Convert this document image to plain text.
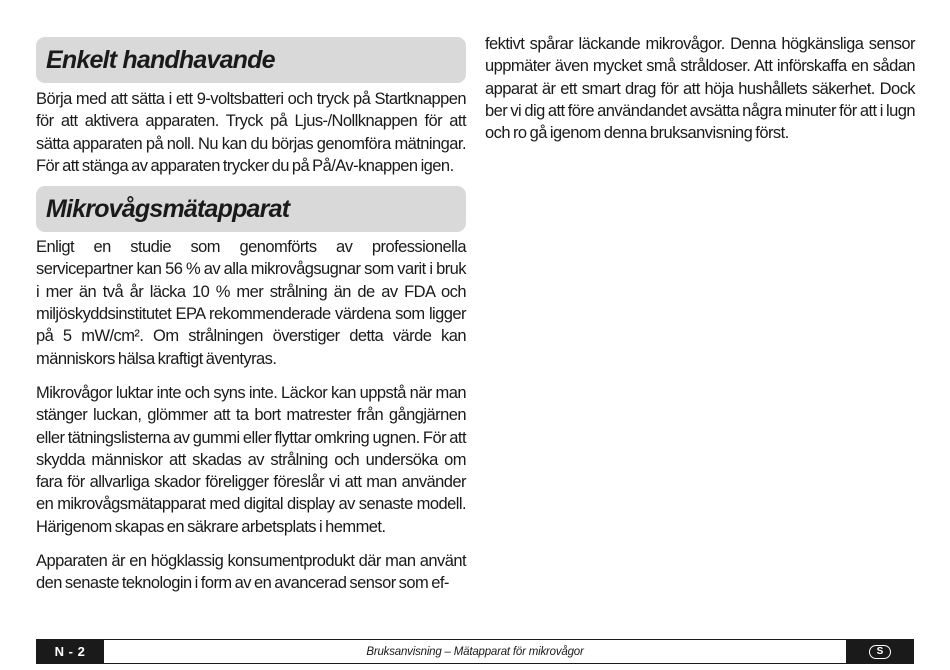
Enkelt handhavande

Börja med att sätta i ett 9-voltsbatteri och tryck på Startknappen för att aktivera apparaten. Tryck på Ljus-/Nollknappen för att sätta apparaten på noll. Nu kan du börjas genomföra mätningar. För att stänga av apparaten trycker du på På/Av-knappen igen.

Mikrovågsmätapparat

Enligt en studie som genomförts av professionella servicepartner kan 56 % av alla mikrovågsugnar som varit i bruk i mer än två år läcka 10 % mer strålning än de av FDA och miljöskyddsinstitutet EPA rekommenderade värdena som ligger på 5 mW/cm². Om strålningen överstiger detta värde kan människors hälsa kraftigt äventyras.

Mikrovågor luktar inte och syns inte. Läckor kan uppstå när man stänger luckan, glömmer att ta bort matrester från gångjärnen eller tätningslisterna av gummi eller flyttar omkring ugnen. För att skydda människor att skadas av strålning och undersöka om fara för allvarliga skador föreligger föreslår vi att man använder en mikrovågsmätapparat med digital display av senaste modell. Härigenom skapas en säkrare arbetsplats i hemmet.

Apparaten är en högklassig konsumentprodukt där man använt den senaste teknologin i form av en avancerad sensor som ef-

fektivt spårar läckande mikrovågor. Denna högkänsliga sensor uppmäter även mycket små stråldoser. Att införskaffa en sådan apparat är ett smart drag för att höja hushållets säkerhet. Dock ber vi dig att före användandet avsätta några minuter för att i lugn och ro gå igenom denna bruksanvisning först.

N - 2	Bruksanvisning – Mätapparat för mikrovågor	S
